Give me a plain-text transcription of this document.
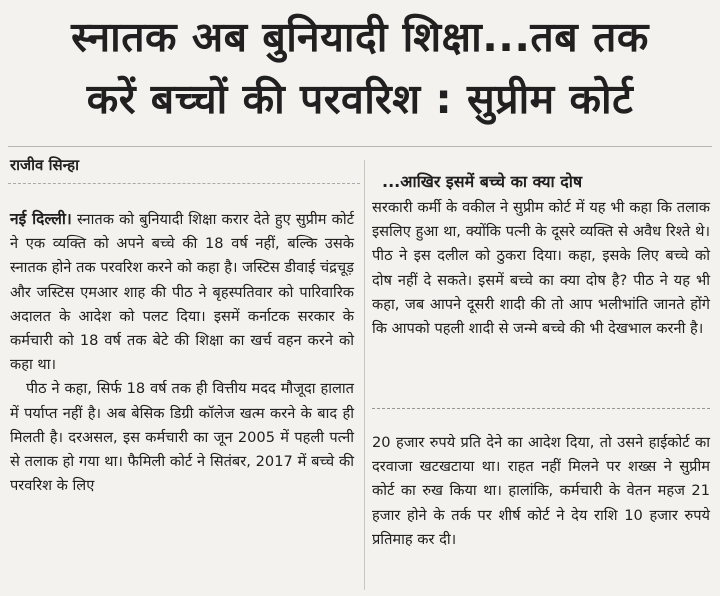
स्नातक अब बुनियादी शिक्षा...तब तक
करें बच्चों की परवरिश : सुप्रीम कोर्ट
राजीव सिन्हा

नई दिल्ली। स्नातक को बुनियादी शिक्षा करार देते हुए सुप्रीम कोर्ट ने एक व्यक्ति को अपने बच्चे की 18 वर्ष नहीं, बल्कि उसके स्नातक होने तक परवरिश करने को कहा है। जस्टिस डीवाई चंद्रचूड़ और जस्टिस एमआर शाह की पीठ ने बृहस्पतिवार को पारिवारिक अदालत के आदेश को पलट दिया। इसमें कर्नाटक सरकार के कर्मचारी को 18 वर्ष तक बेटे की शिक्षा का खर्च वहन करने को कहा था।

पीठ ने कहा, सिर्फ 18 वर्ष तक ही वित्तीय मदद मौजूदा हालात में पर्याप्त नहीं है। अब बेसिक डिग्री कॉलेज खत्म करने के बाद ही मिलती है। दरअसल, इस कर्मचारी का जून 2005 में पहली पत्नी से तलाक हो गया था। फैमिली कोर्ट ने सितंबर, 2017 में बच्चे की परवरिश के लिए

...आखिर इसमें बच्चे का क्या दोष

सरकारी कर्मी के वकील ने सुप्रीम कोर्ट में यह भी कहा कि तलाक इसलिए हुआ था, क्योंकि पत्नी के दूसरे व्यक्ति से अवैध रिश्ते थे। पीठ ने इस दलील को ठुकरा दिया। कहा, इसके लिए बच्चे को दोष नहीं दे सकते। इसमें बच्चे का क्या दोष है? पीठ ने यह भी कहा, जब आपने दूसरी शादी की तो आप भलीभांति जानते होंगे कि आपको पहली शादी से जन्मे बच्चे की भी देखभाल करनी है।

20 हजार रुपये प्रति देने का आदेश दिया, तो उसने हाईकोर्ट का दरवाजा खटखटाया था। राहत नहीं मिलने पर शख्स ने सुप्रीम कोर्ट का रुख किया था। हालांकि, कर्मचारी के वेतन महज 21 हजार होने के तर्क पर शीर्ष कोर्ट ने देय राशि 10 हजार रुपये प्रतिमाह कर दी।
